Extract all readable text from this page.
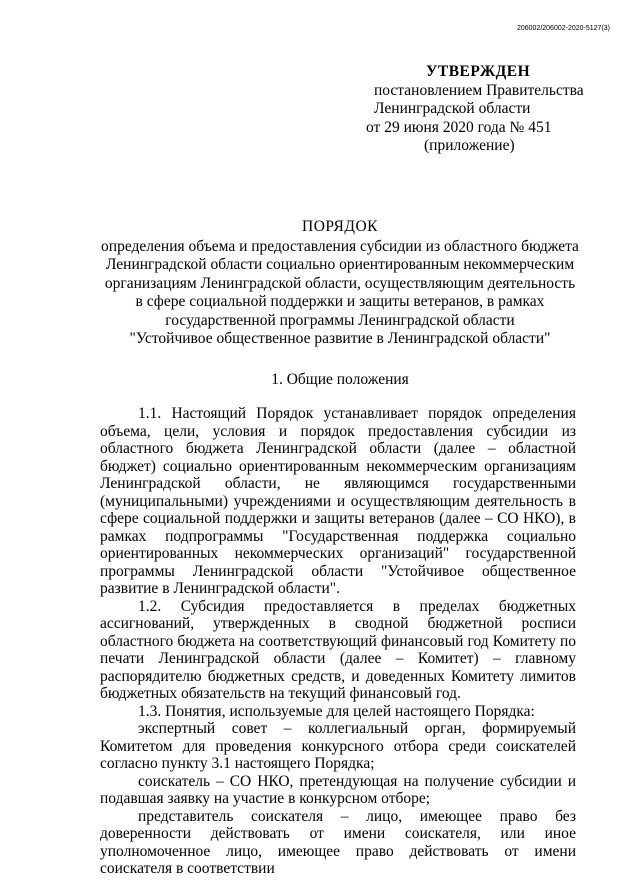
206002/206002-2020-5127(3)
УТВЕРЖДЕН
постановлением Правительства
Ленинградской области
от 29 июня 2020 года № 451
(приложение)
ПОРЯДОК
определения объема и предоставления субсидии из областного бюджета
Ленинградской области социально ориентированным некоммерческим
организациям Ленинградской области, осуществляющим деятельность
в сфере социальной поддержки и защиты ветеранов, в рамках
государственной программы Ленинградской области
"Устойчивое общественное развитие в Ленинградской области"
1. Общие положения

1.1. Настоящий Порядок устанавливает порядок определения объема, цели, условия и порядок предоставления субсидии из областного бюджета Ленинградской области (далее – областной бюджет) социально ориентированным некоммерческим организациям Ленинградской области, не являющимся государственными (муниципальными) учреждениями и осуществляющим деятельность в сфере социальной поддержки и защиты ветеранов (далее – СО НКО), в рамках подпрограммы "Государственная поддержка социально ориентированных некоммерческих организаций" государственной программы Ленинградской области "Устойчивое общественное развитие в Ленинградской области".

1.2. Субсидия предоставляется в пределах бюджетных ассигнований, утвержденных в сводной бюджетной росписи областного бюджета на соответствующий финансовый год Комитету по печати Ленинградской области (далее – Комитет) – главному распорядителю бюджетных средств, и доведенных Комитету лимитов бюджетных обязательств на текущий финансовый год.

1.3. Понятия, используемые для целей настоящего Порядка:

экспертный совет – коллегиальный орган, формируемый Комитетом для проведения конкурсного отбора среди соискателей согласно пункту 3.1 настоящего Порядка;

соискатель – СО НКО, претендующая на получение субсидии и подавшая заявку на участие в конкурсном отборе;

представитель соискателя – лицо, имеющее право без доверенности действовать от имени соискателя, или иное уполномоченное лицо, имеющее право действовать от имени соискателя в соответствии
